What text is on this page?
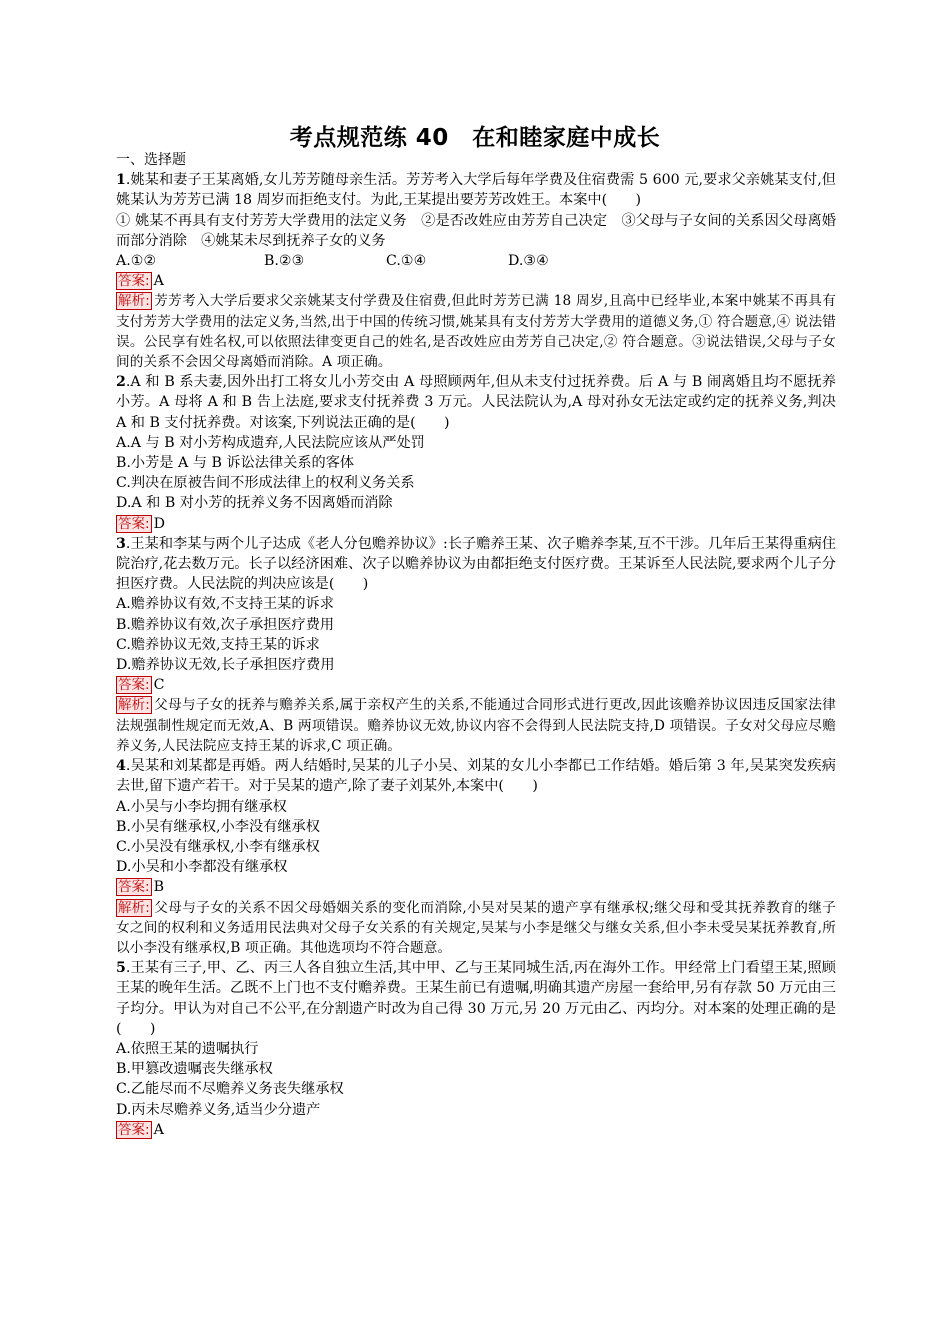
考点规范练 40　在和睦家庭中成长
一、选择题

1.姚某和妻子王某离婚,女儿芳芳随母亲生活。芳芳考入大学后每年学费及住宿费需 5 600 元,要求父亲姚某支付,但姚某认为芳芳已满 18 周岁而拒绝支付。为此,王某提出要芳芳改姓王。本案中(　　)

① 姚某不再具有支付芳芳大学费用的法定义务　②是否改姓应由芳芳自己决定　③父母与子女间的关系因父母离婚而部分消除　④姚某未尽到抚养子女的义务

A.①②	B.②③	C.①④	D.③④

答案: A

解析: 芳芳考入大学后要求父亲姚某支付学费及住宿费,但此时芳芳已满 18 周岁,且高中已经毕业,本案中姚某不再具有支付芳芳大学费用的法定义务,当然,出于中国的传统习惯,姚某具有支付芳芳大学费用的道德义务,① 符合题意,④ 说法错误。公民享有姓名权,可以依照法律变更自己的姓名,是否改姓应由芳芳自己决定,② 符合题意。③说法错误,父母与子女间的关系不会因父母离婚而消除。A 项正确。

2.A 和 B 系夫妻,因外出打工将女儿小芳交由 A 母照顾两年,但从未支付过抚养费。后 A 与 B 闹离婚且均不愿抚养小芳。A 母将 A 和 B 告上法庭,要求支付抚养费 3 万元。人民法院认为,A 母对孙女无法定或约定的抚养义务,判决 A 和 B 支付抚养费。对该案,下列说法正确的是(　　)

A.A 与 B 对小芳构成遗弃,人民法院应该从严处罚

B.小芳是 A 与 B 诉讼法律关系的客体

C.判决在原被告间不形成法律上的权利义务关系

D.A 和 B 对小芳的抚养义务不因离婚而消除

答案: D

3.王某和李某与两个儿子达成《老人分包赡养协议》:长子赡养王某、次子赡养李某,互不干涉。几年后王某得重病住院治疗,花去数万元。长子以经济困难、次子以赡养协议为由都拒绝支付医疗费。王某诉至人民法院,要求两个儿子分担医疗费。人民法院的判决应该是(　　)

A.赡养协议有效,不支持王某的诉求

B.赡养协议有效,次子承担医疗费用

C.赡养协议无效,支持王某的诉求

D.赡养协议无效,长子承担医疗费用

答案: C

解析: 父母与子女的抚养与赡养关系,属于亲权产生的关系,不能通过合同形式进行更改,因此该赡养协议因违反国家法律法规强制性规定而无效,A、B 两项错误。赡养协议无效,协议内容不会得到人民法院支持,D 项错误。子女对父母应尽赡养义务,人民法院应支持王某的诉求,C 项正确。

4.吴某和刘某都是再婚。两人结婚时,吴某的儿子小吴、刘某的女儿小李都已工作结婚。婚后第 3 年,吴某突发疾病去世,留下遗产若干。对于吴某的遗产,除了妻子刘某外,本案中(　　)

A.小吴与小李均拥有继承权

B.小吴有继承权,小李没有继承权

C.小吴没有继承权,小李有继承权

D.小吴和小李都没有继承权

答案: B

解析: 父母与子女的关系不因父母婚姻关系的变化而消除,小吴对吴某的遗产享有继承权;继父母和受其抚养教育的继子女之间的权利和义务适用民法典对父母子女关系的有关规定,吴某与小李是继父与继女关系,但小李未受吴某抚养教育,所以小李没有继承权,B 项正确。其他选项均不符合题意。

5.王某有三子,甲、乙、丙三人各自独立生活,其中甲、乙与王某同城生活,丙在海外工作。甲经常上门看望王某,照顾王某的晚年生活。乙既不上门也不支付赡养费。王某生前已有遗嘱,明确其遗产房屋一套给甲,另有存款 50 万元由三子均分。甲认为对自己不公平,在分割遗产时改为自己得 30 万元,另 20 万元由乙、丙均分。对本案的处理正确的是(　　)

A.依照王某的遗嘱执行

B.甲篡改遗嘱丧失继承权

C.乙能尽而不尽赡养义务丧失继承权

D.丙未尽赡养义务,适当少分遗产

答案: A
